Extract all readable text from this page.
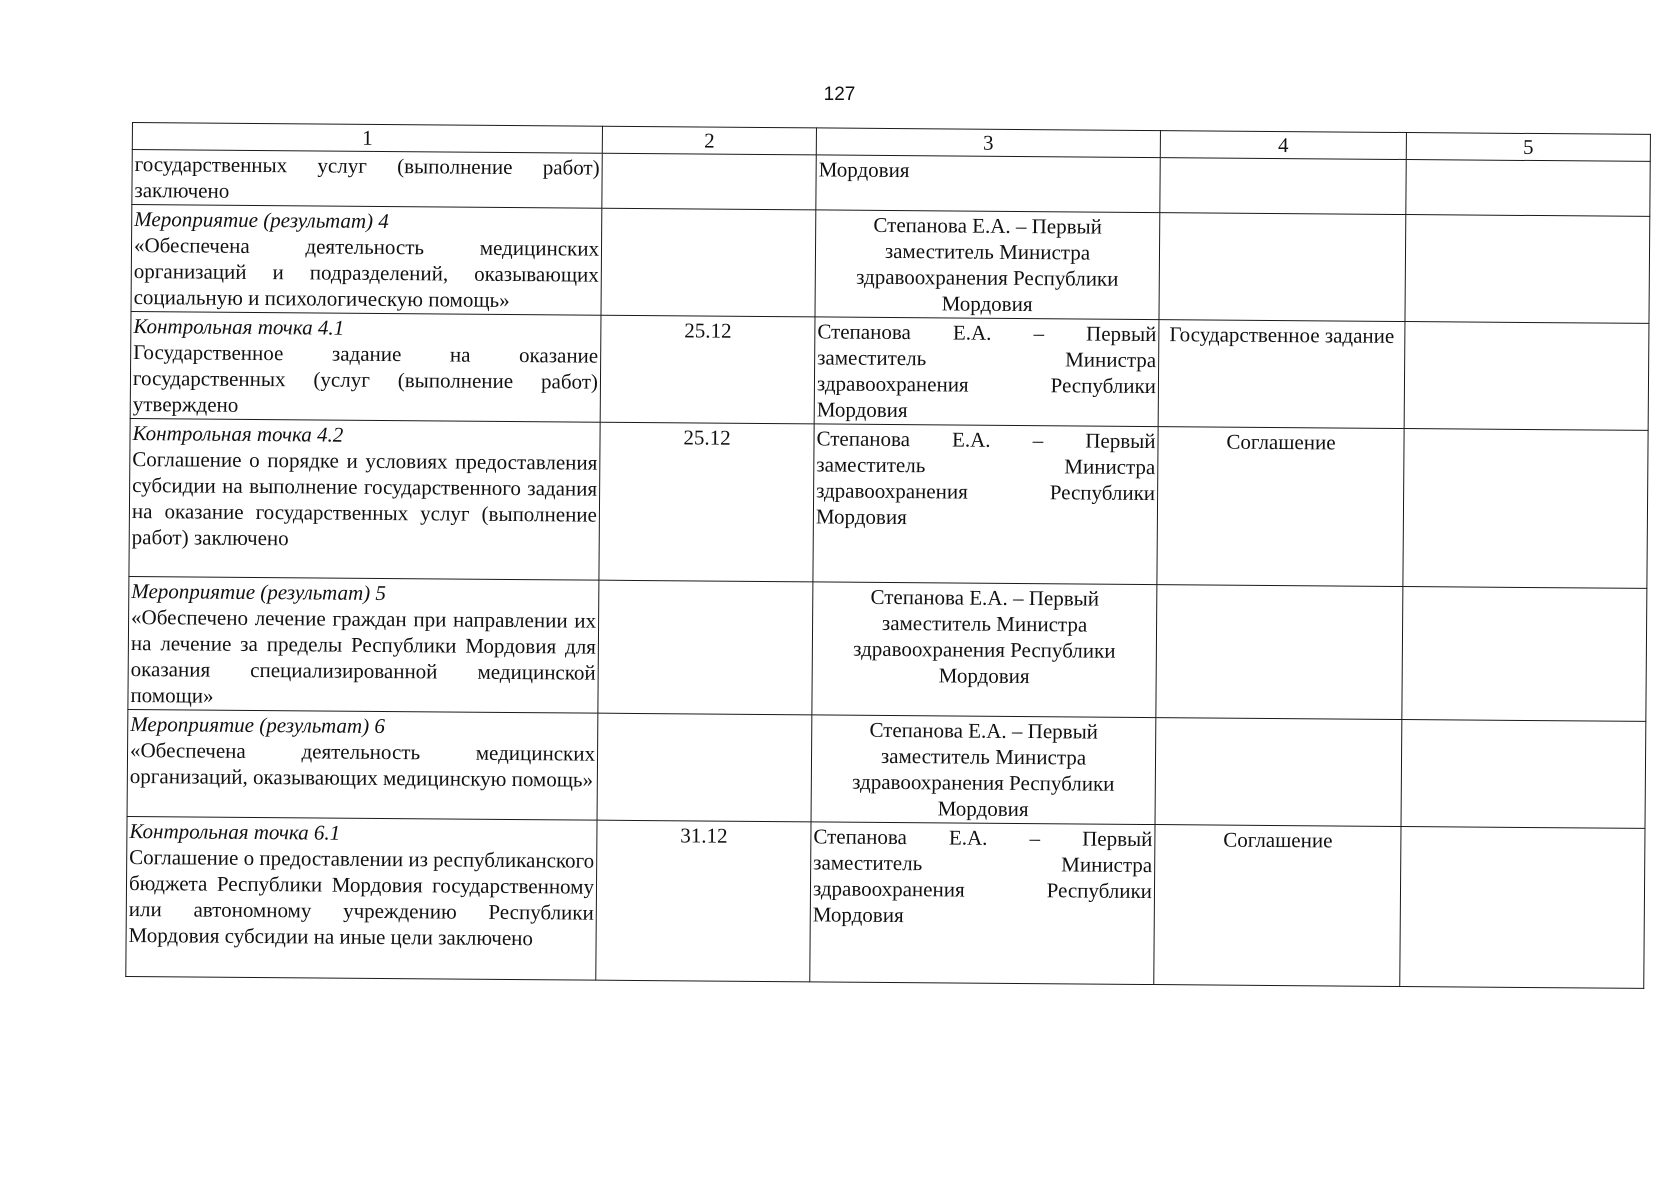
127
1	2	3	4	5

государственных услуг (выполнение работ) заключено		Мордовия		

Мероприятие (результат) 4
«Обеспечена деятельность медицинских организаций и подразделений, оказывающих социальную и психологическую помощь»		Степанова Е.А. – Первый заместитель Министра здравоохранения Республики Мордовия		

Контрольная точка 4.1
Государственное задание на оказание государственных (услуг (выполнение работ) утверждено	25.12	Степанова Е.А. – Первый заместитель Министра здравоохранения Республики Мордовия	Государственное задание	

Контрольная точка 4.2
Соглашение о порядке и условиях предоставления субсидии на выполнение государственного задания на оказание государственных услуг (выполнение работ) заключено	25.12	Степанова Е.А. – Первый заместитель Министра здравоохранения Республики Мордовия	Соглашение	

Мероприятие (результат) 5
«Обеспечено лечение граждан при направлении их на лечение за пределы Республики Мордовия для оказания специализированной медицинской помощи»		Степанова Е.А. – Первый заместитель Министра здравоохранения Республики Мордовия		

Мероприятие (результат) 6
«Обеспечена деятельность медицинских организаций, оказывающих медицинскую помощь»		Степанова Е.А. – Первый заместитель Министра здравоохранения Республики Мордовия		

Контрольная точка 6.1
Соглашение о предоставлении из республиканского бюджета Республики Мордовия государственному или автономному учреждению Республики Мордовия субсидии на иные цели заключено	31.12	Степанова Е.А. – Первый заместитель Министра здравоохранения Республики Мордовия	Соглашение	
